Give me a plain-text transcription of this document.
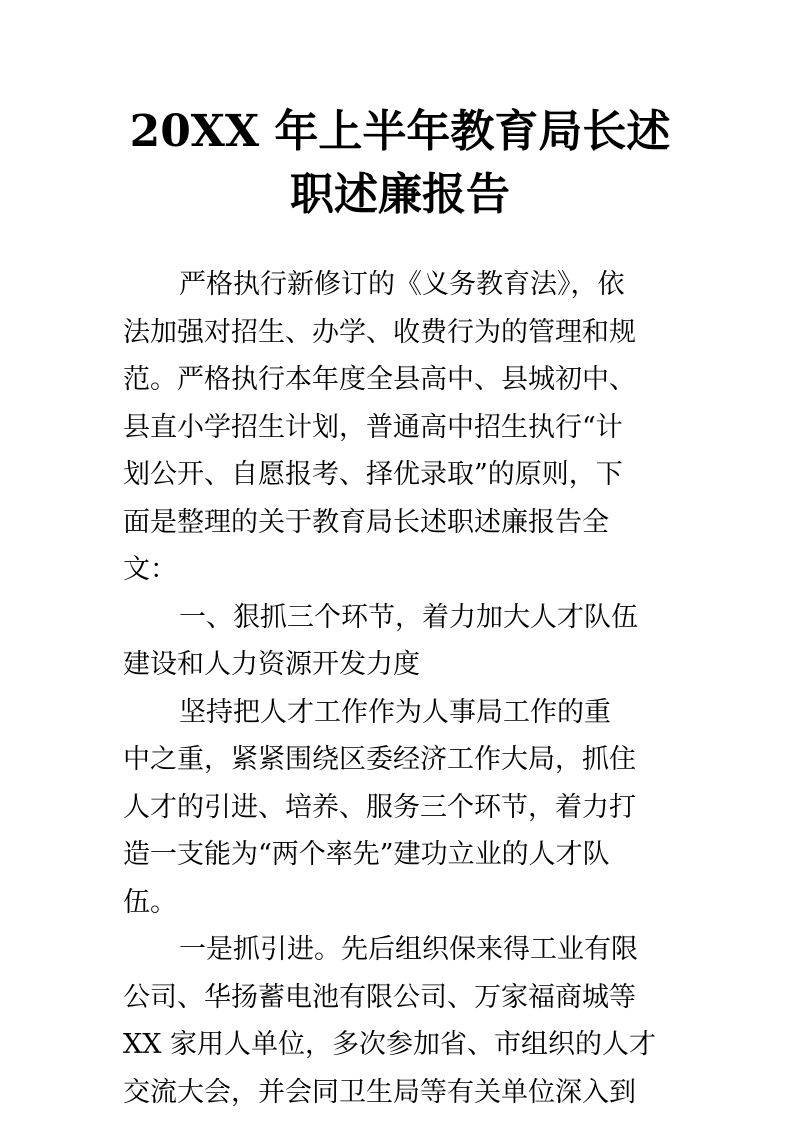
20XX 年上半年教育局长述
职述廉报告
严格执行新修订的《义务教育法》，依
法加强对招生、办学、收费行为的管理和规
范。严格执行本年度全县高中、县城初中、
县直小学招生计划，普通高中招生执行“计
划公开、自愿报考、择优录取”的原则，下
面是整理的关于教育局长述职述廉报告全
文：
一、狠抓三个环节，着力加大人才队伍
建设和人力资源开发力度
坚持把人才工作作为人事局工作的重
中之重，紧紧围绕区委经济工作大局，抓住
人才的引进、培养、服务三个环节，着力打
造一支能为“两个率先”建功立业的人才队
伍。
一是抓引进。先后组织保来得工业有限
公司、华扬蓄电池有限公司、万家福商城等
XX 家用人单位，多次参加省、市组织的人才
交流大会，并会同卫生局等有关单位深入到
